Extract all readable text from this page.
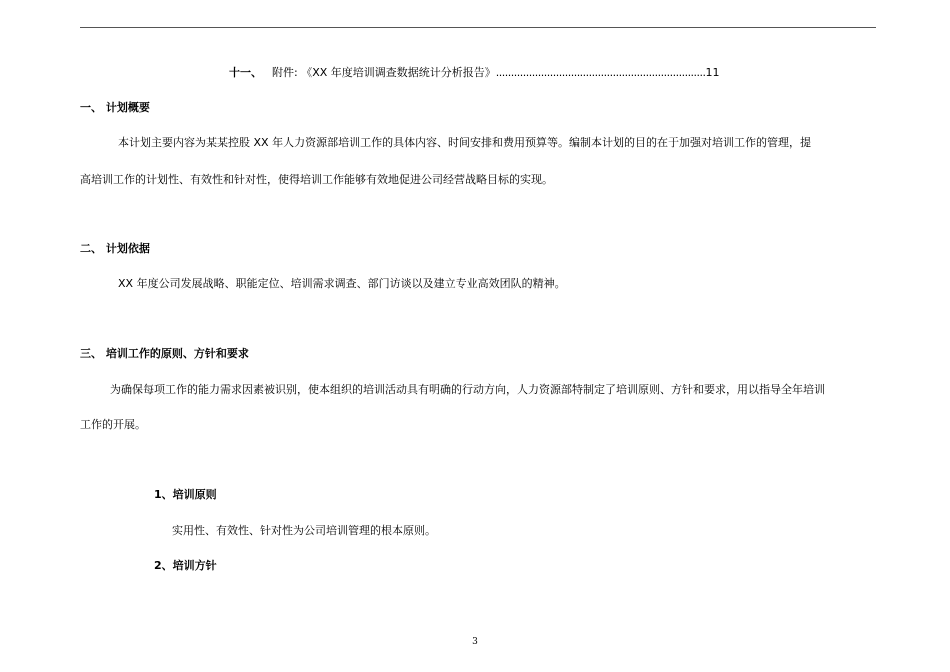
十一、 附件: 《XX 年度培训调查数据统计分析报告》......................................................................11
一、 计划概要
本计划主要内容为某某控股 XX 年人力资源部培训工作的具体内容、时间安排和费用预算等。编制本计划的目的在于加强对培训工作的管理，提
高培训工作的计划性、有效性和针对性，使得培训工作能够有效地促进公司经营战略目标的实现。
二、 计划依据
XX 年度公司发展战略、职能定位、培训需求调查、部门访谈以及建立专业高效团队的精神。
三、 培训工作的原则、方针和要求
为确保每项工作的能力需求因素被识别，使本组织的培训活动具有明确的行动方向，人力资源部特制定了培训原则、方针和要求，用以指导全年培训
工作的开展。
1、培训原则
实用性、有效性、针对性为公司培训管理的根本原则。
2、培训方针
3
